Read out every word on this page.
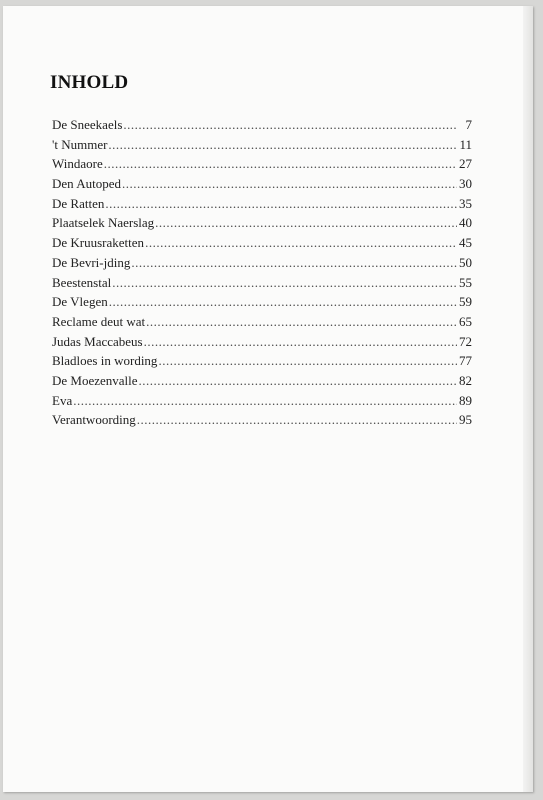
INHOLD
De Sneekaels .....	7
't Nummer .....	11
Windaore .....	27
Den Autoped .....	30
De Ratten .....	35
Plaatselek Naerslag .....	40
De Kruusraketten .....	45
De Bevri-jding .....	50
Beestenstal .....	55
De Vlegen .....	59
Reclame deut wat .....	65
Judas Maccabeus .....	72
Bladloes in wording .....	77
De Moezenvalle .....	82
Eva .....	89
Verantwoording .....	95
